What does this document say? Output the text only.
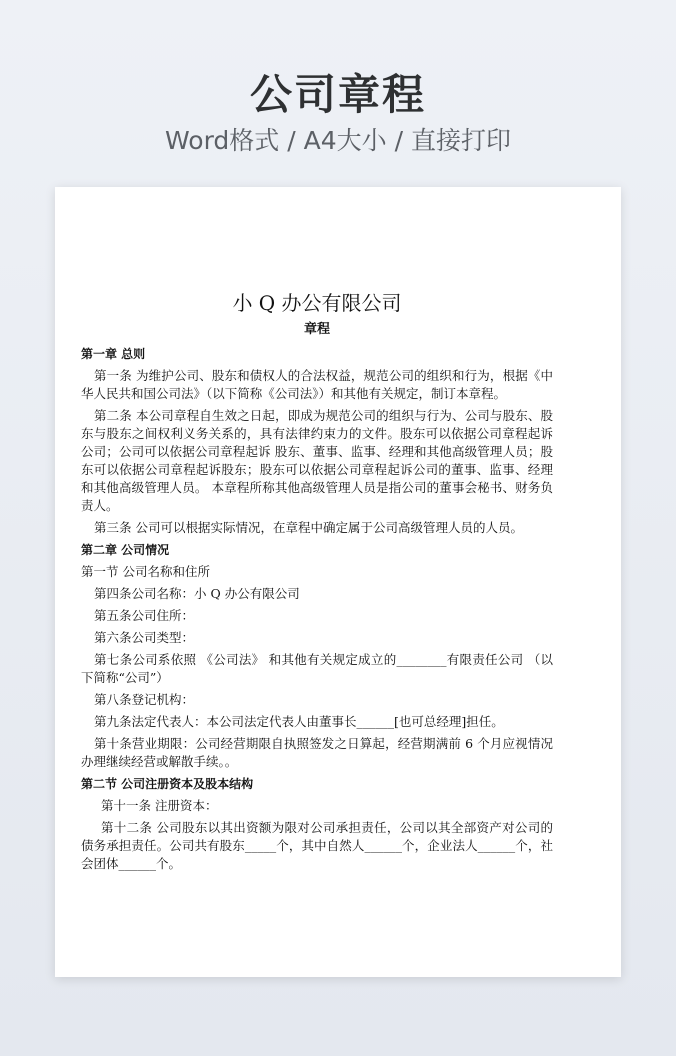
公司章程
Word格式 / A4大小 / 直接打印
小 Q 办公有限公司
章程
第一章 总则
第一条 为维护公司、股东和债权人的合法权益，规范公司的组织和行为，根据《中华人民共和国公司法》（以下简称《公司法》）和其他有关规定，制订本章程。
第二条 本公司章程自生效之日起，即成为规范公司的组织与行为、公司与股东、股东与股东之间权利义务关系的，具有法律约束力的文件。股东可以依据公司章程起诉公司；公司可以依据公司章程起诉 股东、董事、监事、经理和其他高级管理人员；股东可以依据公司章程起诉股东；股东可以依据公司章程起诉公司的董事、监事、经理和其他高级管理人员。 本章程所称其他高级管理人员是指公司的董事会秘书、财务负责人。
第三条 公司可以根据实际情况，在章程中确定属于公司高级管理人员的人员。
第二章 公司情况
第一节 公司名称和住所
第四条公司名称：小 Q 办公有限公司
第五条公司住所：
第六条公司类型：
第七条公司系依照 《公司法》 和其他有关规定成立的________有限责任公司 （以下简称“公司”）
第八条登记机构：
第九条法定代表人：本公司法定代表人由董事长______[也可总经理]担任。
第十条营业期限：公司经营期限自执照签发之日算起，经营期满前 6 个月应视情况办理继续经营或解散手续。。
第二节 公司注册资本及股本结构
第十一条 注册资本：
第十二条 公司股东以其出资额为限对公司承担责任，公司以其全部资产对公司的债务承担责任。公司共有股东_____个，其中自然人______个，企业法人______个，社会团体______个。
